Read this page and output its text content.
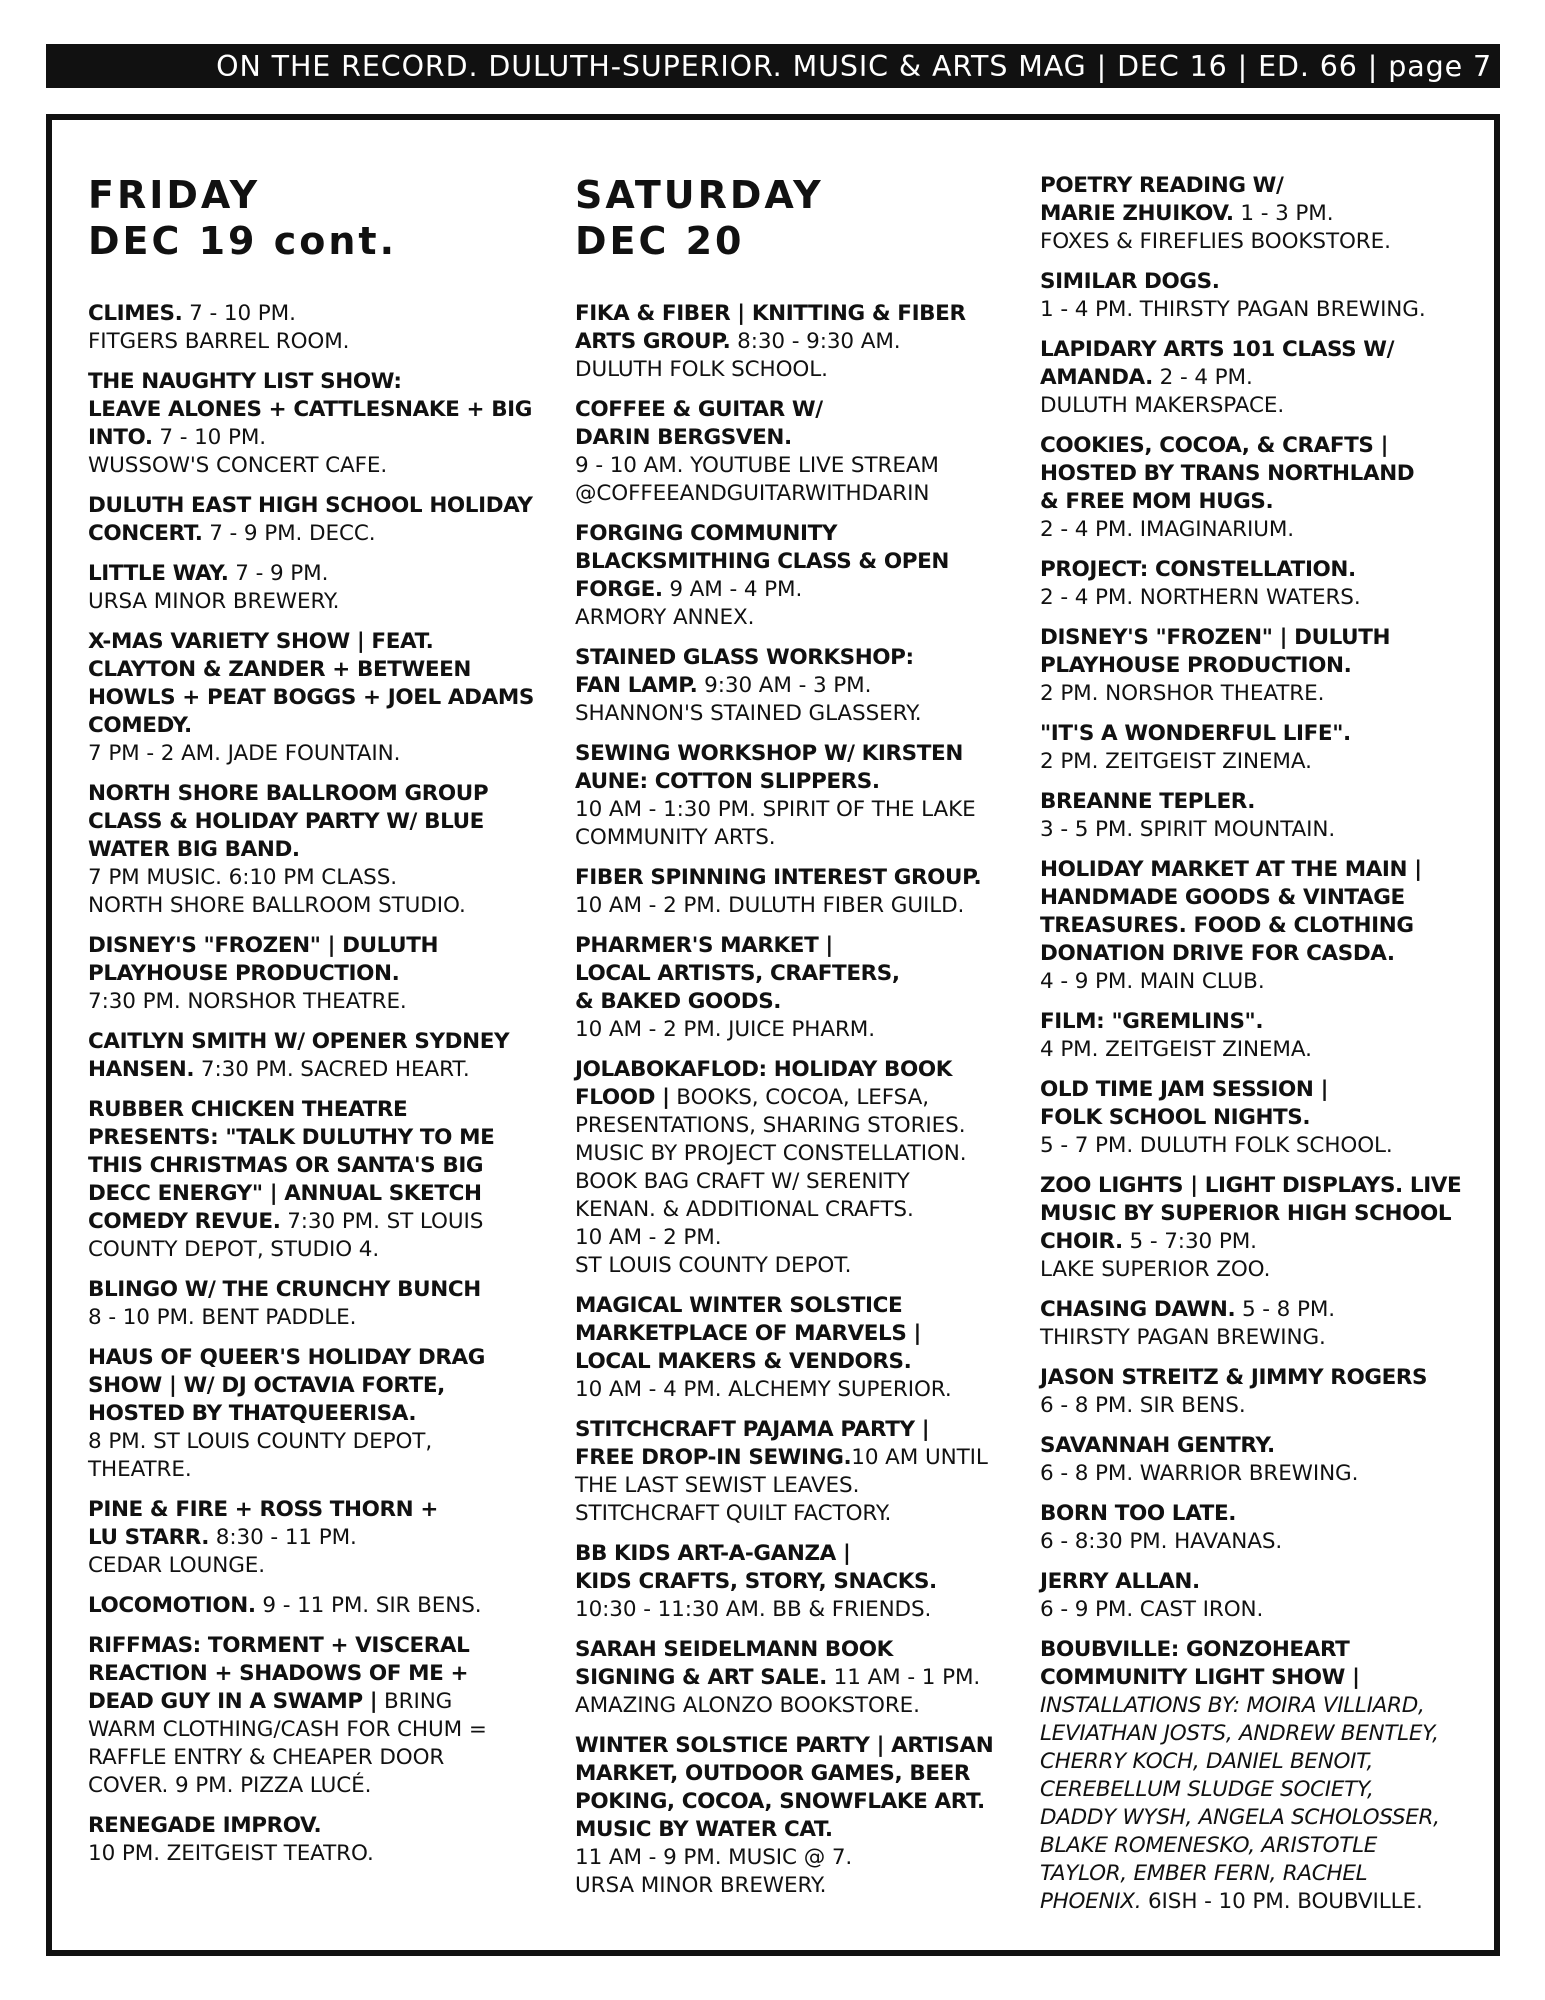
ON THE RECORD. DULUTH-SUPERIOR. MUSIC & ARTS MAG | DEC 16 | ED. 66 | page 7
FRIDAY
DEC 19 cont.

CLIMES. 7 - 10 PM.
FITGERS BARREL ROOM.

THE NAUGHTY LIST SHOW:
LEAVE ALONES + CATTLESNAKE + BIG
INTO. 7 - 10 PM.
WUSSOW'S CONCERT CAFE.

DULUTH EAST HIGH SCHOOL HOLIDAY
CONCERT. 7 - 9 PM. DECC.

LITTLE WAY. 7 - 9 PM.
URSA MINOR BREWERY.

X-MAS VARIETY SHOW | FEAT.
CLAYTON & ZANDER + BETWEEN
HOWLS + PEAT BOGGS + JOEL ADAMS
COMEDY.
7 PM - 2 AM. JADE FOUNTAIN.

NORTH SHORE BALLROOM GROUP
CLASS & HOLIDAY PARTY W/ BLUE
WATER BIG BAND.
7 PM MUSIC. 6:10 PM CLASS.
NORTH SHORE BALLROOM STUDIO.

DISNEY'S "FROZEN" | DULUTH
PLAYHOUSE PRODUCTION.
7:30 PM. NORSHOR THEATRE.

CAITLYN SMITH W/ OPENER SYDNEY
HANSEN. 7:30 PM. SACRED HEART.

RUBBER CHICKEN THEATRE
PRESENTS: "TALK DULUTHY TO ME
THIS CHRISTMAS OR SANTA'S BIG
DECC ENERGY" | ANNUAL SKETCH
COMEDY REVUE. 7:30 PM. ST LOUIS
COUNTY DEPOT, STUDIO 4.

BLINGO W/ THE CRUNCHY BUNCH
8 - 10 PM. BENT PADDLE.

HAUS OF QUEER'S HOLIDAY DRAG
SHOW | W/ DJ OCTAVIA FORTE,
HOSTED BY THATQUEERISA.
8 PM. ST LOUIS COUNTY DEPOT,
THEATRE.

PINE & FIRE + ROSS THORN +
LU STARR. 8:30 - 11 PM.
CEDAR LOUNGE.

LOCOMOTION. 9 - 11 PM. SIR BENS.

RIFFMAS: TORMENT + VISCERAL
REACTION + SHADOWS OF ME +
DEAD GUY IN A SWAMP | BRING
WARM CLOTHING/CASH FOR CHUM =
RAFFLE ENTRY & CHEAPER DOOR
COVER. 9 PM. PIZZA LUCÉ.

RENEGADE IMPROV.
10 PM. ZEITGEIST TEATRO.

SATURDAY
DEC 20

FIKA & FIBER | KNITTING & FIBER
ARTS GROUP. 8:30 - 9:30 AM.
DULUTH FOLK SCHOOL.

COFFEE & GUITAR W/
DARIN BERGSVEN.
9 - 10 AM. YOUTUBE LIVE STREAM
@COFFEEANDGUITARWITHDARIN

FORGING COMMUNITY
BLACKSMITHING CLASS & OPEN
FORGE. 9 AM - 4 PM.
ARMORY ANNEX.

STAINED GLASS WORKSHOP:
FAN LAMP. 9:30 AM - 3 PM.
SHANNON'S STAINED GLASSERY.

SEWING WORKSHOP W/ KIRSTEN
AUNE: COTTON SLIPPERS.
10 AM - 1:30 PM. SPIRIT OF THE LAKE
COMMUNITY ARTS.

FIBER SPINNING INTEREST GROUP.
10 AM - 2 PM. DULUTH FIBER GUILD.

PHARMER'S MARKET |
LOCAL ARTISTS, CRAFTERS,
& BAKED GOODS.
10 AM - 2 PM. JUICE PHARM.

JOLABOKAFLOD: HOLIDAY BOOK
FLOOD | BOOKS, COCOA, LEFSA,
PRESENTATIONS, SHARING STORIES.
MUSIC BY PROJECT CONSTELLATION.
BOOK BAG CRAFT W/ SERENITY
KENAN. & ADDITIONAL CRAFTS.
10 AM - 2 PM.
ST LOUIS COUNTY DEPOT.

MAGICAL WINTER SOLSTICE
MARKETPLACE OF MARVELS |
LOCAL MAKERS & VENDORS.
10 AM - 4 PM. ALCHEMY SUPERIOR.

STITCHCRAFT PAJAMA PARTY |
FREE DROP-IN SEWING.10 AM UNTIL
THE LAST SEWIST LEAVES.
STITCHCRAFT QUILT FACTORY.

BB KIDS ART-A-GANZA |
KIDS CRAFTS, STORY, SNACKS.
10:30 - 11:30 AM. BB & FRIENDS.

SARAH SEIDELMANN BOOK
SIGNING & ART SALE. 11 AM - 1 PM.
AMAZING ALONZO BOOKSTORE.

WINTER SOLSTICE PARTY | ARTISAN
MARKET, OUTDOOR GAMES, BEER
POKING, COCOA, SNOWFLAKE ART.
MUSIC BY WATER CAT.
11 AM - 9 PM. MUSIC @ 7.
URSA MINOR BREWERY.

POETRY READING W/
MARIE ZHUIKOV. 1 - 3 PM.
FOXES & FIREFLIES BOOKSTORE.

SIMILAR DOGS.
1 - 4 PM. THIRSTY PAGAN BREWING.

LAPIDARY ARTS 101 CLASS W/
AMANDA. 2 - 4 PM.
DULUTH MAKERSPACE.

COOKIES, COCOA, & CRAFTS |
HOSTED BY TRANS NORTHLAND
& FREE MOM HUGS.
2 - 4 PM. IMAGINARIUM.

PROJECT: CONSTELLATION.
2 - 4 PM. NORTHERN WATERS.

DISNEY'S "FROZEN" | DULUTH
PLAYHOUSE PRODUCTION.
2 PM. NORSHOR THEATRE.

"IT'S A WONDERFUL LIFE".
2 PM. ZEITGEIST ZINEMA.

BREANNE TEPLER.
3 - 5 PM. SPIRIT MOUNTAIN.

HOLIDAY MARKET AT THE MAIN |
HANDMADE GOODS & VINTAGE
TREASURES. FOOD & CLOTHING
DONATION DRIVE FOR CASDA.
4 - 9 PM. MAIN CLUB.

FILM: "GREMLINS".
4 PM. ZEITGEIST ZINEMA.

OLD TIME JAM SESSION |
FOLK SCHOOL NIGHTS.
5 - 7 PM. DULUTH FOLK SCHOOL.

ZOO LIGHTS | LIGHT DISPLAYS. LIVE
MUSIC BY SUPERIOR HIGH SCHOOL
CHOIR. 5 - 7:30 PM.
LAKE SUPERIOR ZOO.

CHASING DAWN. 5 - 8 PM.
THIRSTY PAGAN BREWING.

JASON STREITZ & JIMMY ROGERS
6 - 8 PM. SIR BENS.

SAVANNAH GENTRY.
6 - 8 PM. WARRIOR BREWING.

BORN TOO LATE.
6 - 8:30 PM. HAVANAS.

JERRY ALLAN.
6 - 9 PM. CAST IRON.

BOUBVILLE: GONZOHEART
COMMUNITY LIGHT SHOW |
INSTALLATIONS BY: MOIRA VILLIARD,
LEVIATHAN JOSTS, ANDREW BENTLEY,
CHERRY KOCH, DANIEL BENOIT,
CEREBELLUM SLUDGE SOCIETY,
DADDY WYSH, ANGELA SCHOLOSSER,
BLAKE ROMENESKO, ARISTOTLE
TAYLOR, EMBER FERN, RACHEL
PHOENIX. 6ISH - 10 PM. BOUBVILLE.
